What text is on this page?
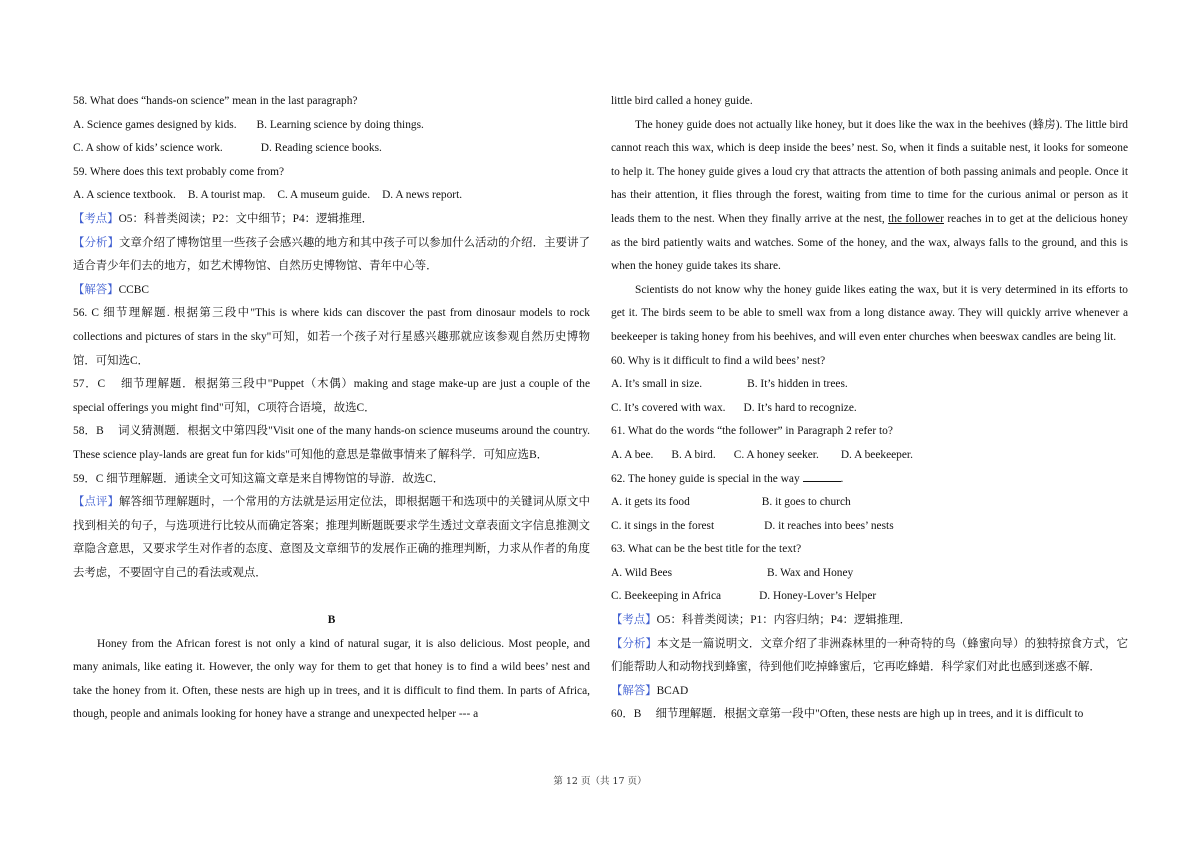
58. What does “hands-on science” mean in the last paragraph?

A. Science games designed by kids. B. Learning science by doing things.

C. A show of kids’ science work.	D. Reading science books.

59. Where does this text probably come from?

A. A science textbook. B. A tourist map. C. A museum guide. D. A news report.

【考点】O5：科普类阅读；P2：文中细节；P4：逻辑推理．

【分析】文章介绍了博物馆里一些孩子会感兴趣的地方和其中孩子可以参加什么活动的介绍．主要讲了适合青少年们去的地方，如艺术博物馆、自然历史博物馆、青年中心等．

【解答】CCBC

56. C 细节理解题. 根据第三段中"This is where kids can discover the past from dinosaur models to rock collections and pictures of stars in the sky"可知，如若一个孩子对行星感兴趣那就应该参观自然历史博物馆．可知选C．

57．C 　细节理解题．根据第三段中"Puppet（木偶）making and stage make-up are just a couple of the special offerings you might find"可知，C项符合语境，故选C．

58．B 　词义猜测题．根据文中第四段"Visit one of the many hands-on science museums around the country. These science play-lands are great fun for kids"可知他的意思是靠做事情来了解科学．可知应选B．

59．C 细节理解题．通读全文可知这篇文章是来自博物馆的导游．故选C．

【点评】解答细节理解题时，一个常用的方法就是运用定位法，即根据题干和选项中的关键词从原文中找到相关的句子，与选项进行比较从而确定答案；推理判断题既要求学生透过文章表面文字信息推测文章隐含意思，又要求学生对作者的态度、意图及文章细节的发展作正确的推理判断，力求从作者的角度去考虑，不要固守自己的看法或观点．

B

Honey from the African forest is not only a kind of natural sugar, it is also delicious. Most people, and many animals, like eating it. However, the only way for them to get that honey is to find a wild bees’ nest and take the honey from it. Often, these nests are high up in trees, and it is difficult to find them. In parts of Africa, though, people and animals looking for honey have a strange and unexpected helper --- a

little bird called a honey guide.

The honey guide does not actually like honey, but it does like the wax in the beehives (蜂房). The little bird cannot reach this wax, which is deep inside the bees’ nest. So, when it finds a suitable nest, it looks for someone to help it. The honey guide gives a loud cry that attracts the attention of both passing animals and people. Once it has their attention, it flies through the forest, waiting from time to time for the curious animal or person as it leads them to the nest. When they finally arrive at the nest, the follower reaches in to get at the delicious honey as the bird patiently waits and watches. Some of the honey, and the wax, always falls to the ground, and this is when the honey guide takes its share.

Scientists do not know why the honey guide likes eating the wax, but it is very determined in its efforts to get it. The birds seem to be able to smell wax from a long distance away. They will quickly arrive whenever a beekeeper is taking honey from his beehives, and will even enter churches when beeswax candles are being lit.

60. Why is it difficult to find a wild bees’ nest?

A. It’s small in size.	B. It’s hidden in trees.

C. It’s covered with wax. D. It’s hard to recognize.

61. What do the words “the follower” in Paragraph 2 refer to?

A. A bee. B. A bird. C. A honey seeker. D. A beekeeper.

62. The honey guide is special in the way	.

A. it gets its food	B. it goes to church

C. it sings in the forest	D. it reaches into bees’ nests

63. What can be the best title for the text?

A. Wild Bees	B. Wax and Honey

C. Beekeeping in Africa	D. Honey-Lover’s Helper

【考点】O5：科普类阅读；P1：内容归纳；P4：逻辑推理．

【分析】本文是一篇说明文．文章介绍了非洲森林里的一种奇特的鸟（蜂蜜向导）的独特掠食方式，它们能帮助人和动物找到蜂蜜，待到他们吃掉蜂蜜后，它再吃蜂蜡．科学家们对此也感到迷惑不解．

【解答】BCAD

60．B 　细节理解题．根据文章第一段中"Often, these nests are high up in trees, and it is difficult to

第 12 页（共 17 页）
